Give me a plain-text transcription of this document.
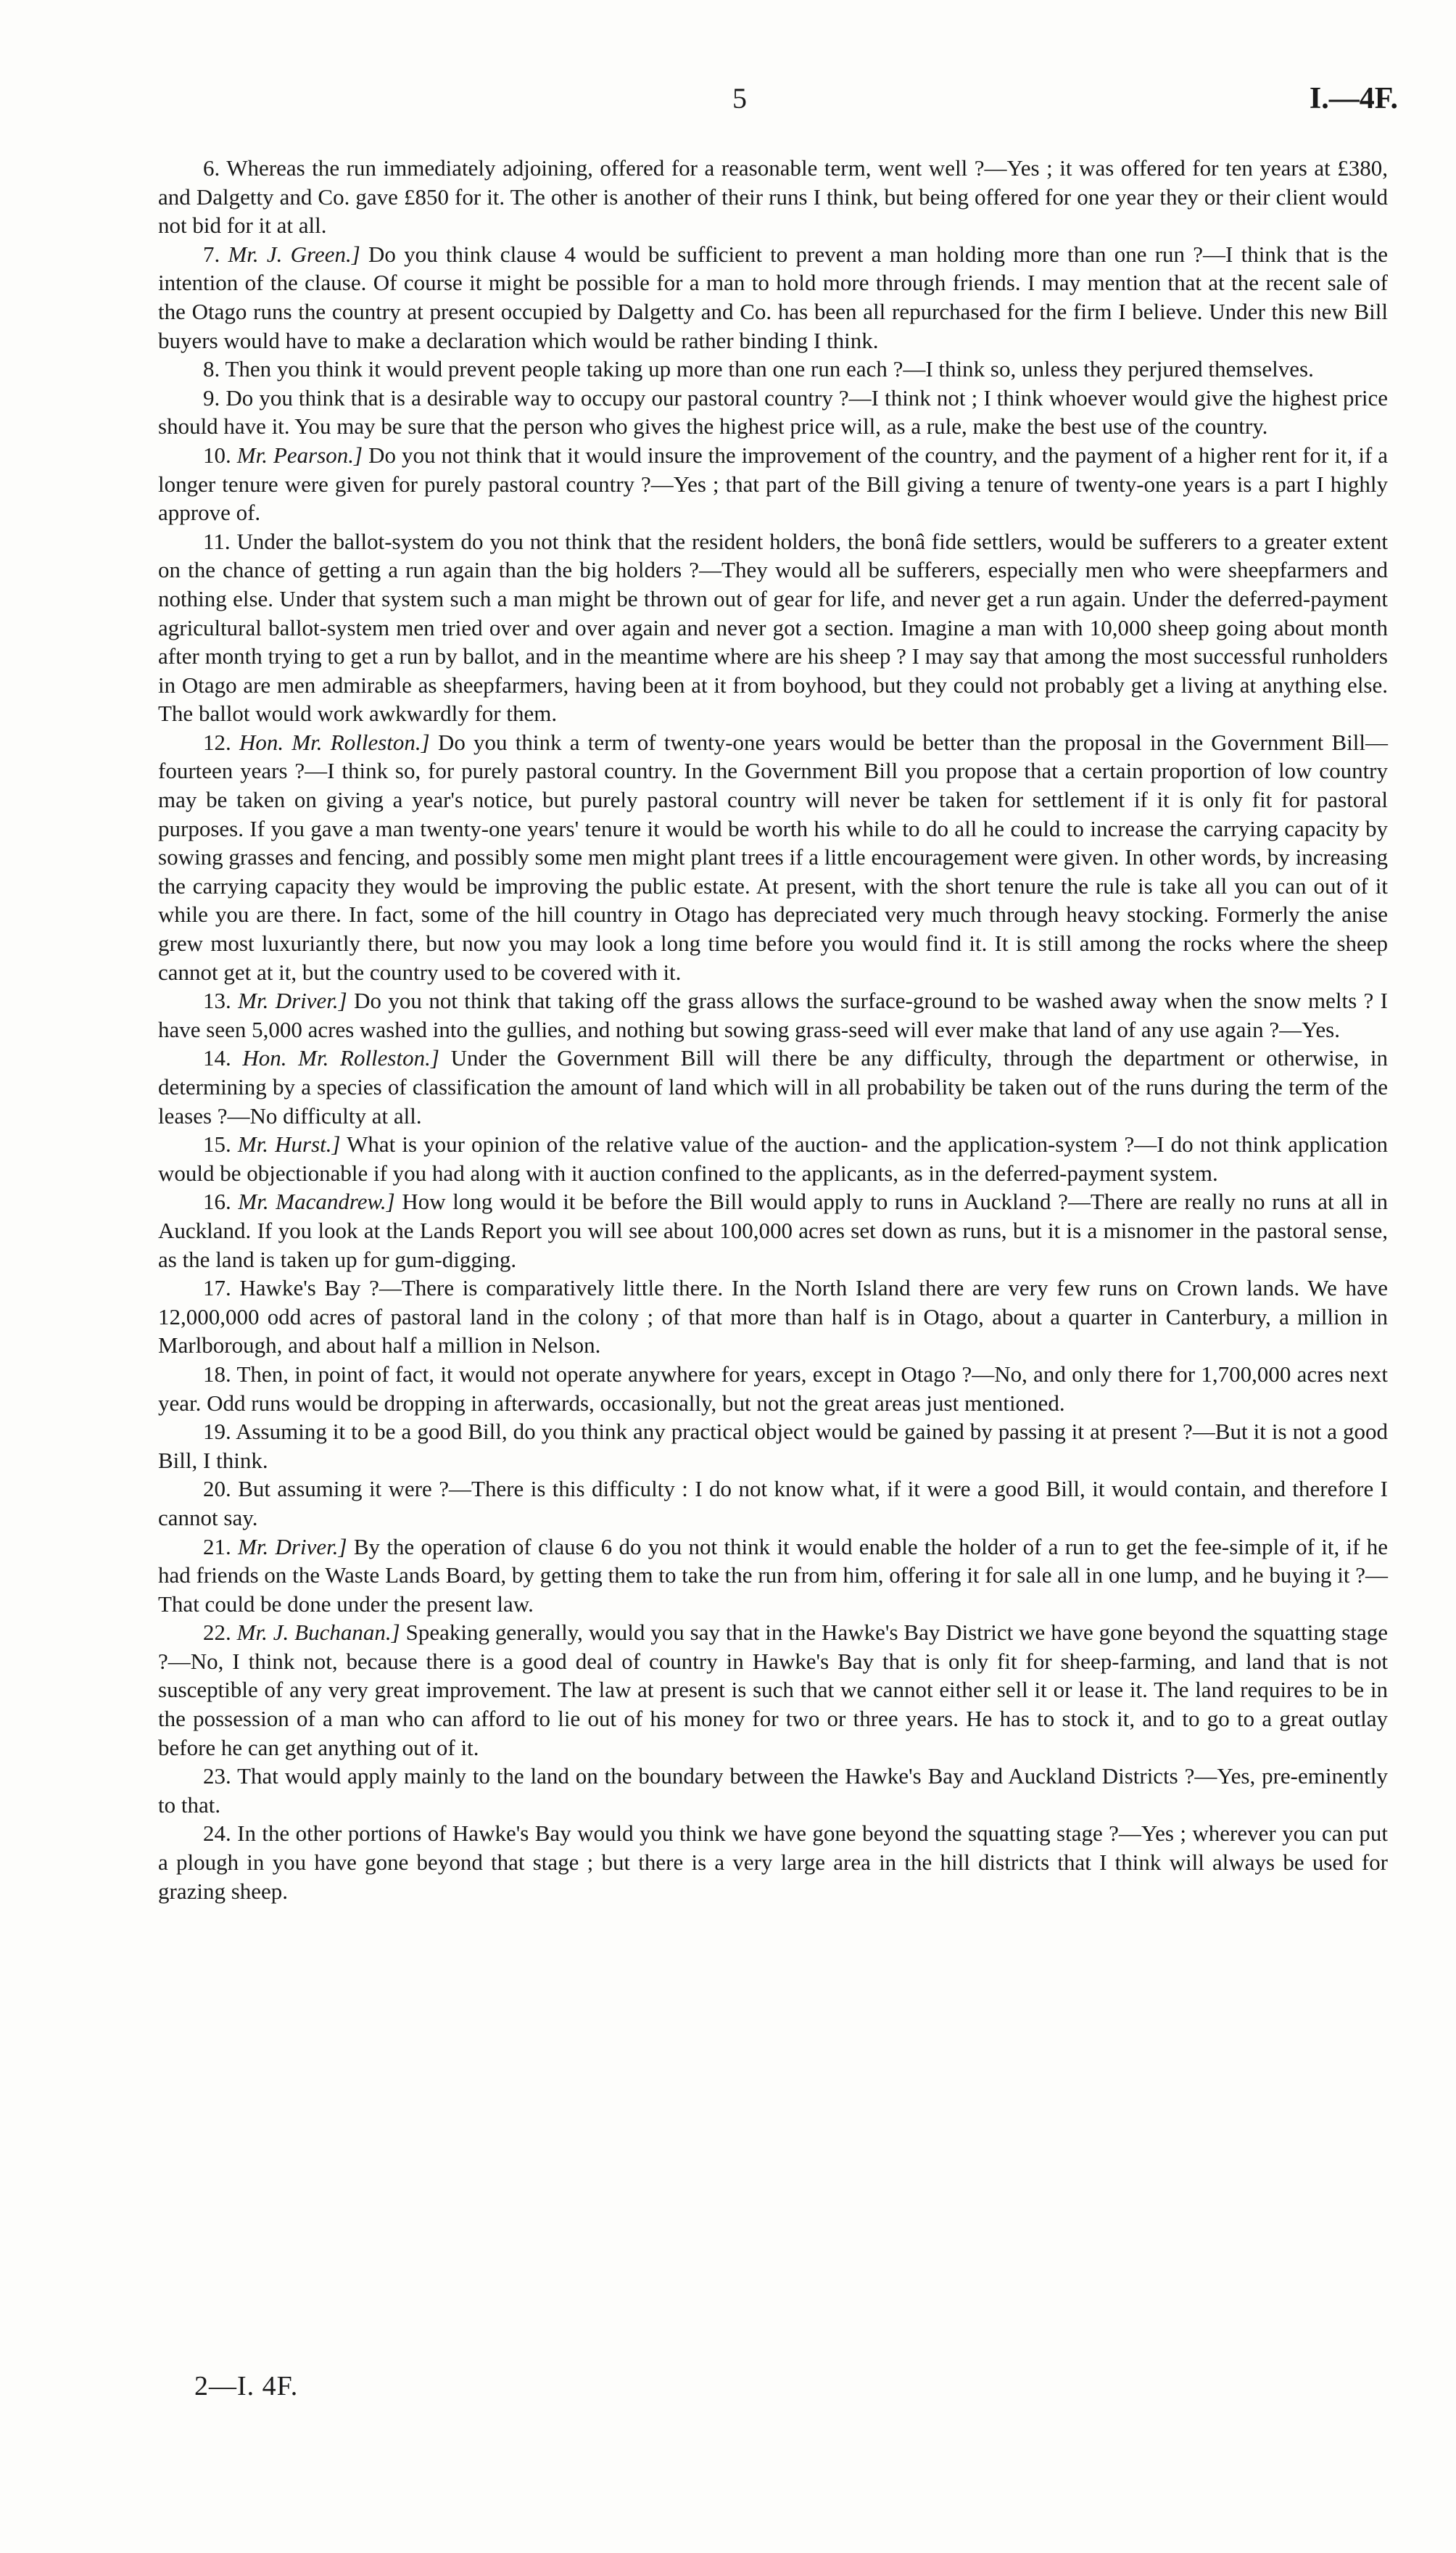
5	I.—4F.

6. Whereas the run immediately adjoining, offered for a reasonable term, went well ?—Yes ; it was offered for ten years at £380, and Dalgetty and Co. gave £850 for it. The other is another of their runs I think, but being offered for one year they or their client would not bid for it at all.

7. Mr. J. Green.] Do you think clause 4 would be sufficient to prevent a man holding more than one run ?—I think that is the intention of the clause. Of course it might be possible for a man to hold more through friends. I may mention that at the recent sale of the Otago runs the country at present occupied by Dalgetty and Co. has been all repurchased for the firm I believe. Under this new Bill buyers would have to make a declaration which would be rather binding I think.

8. Then you think it would prevent people taking up more than one run each ?—I think so, unless they perjured themselves.

9. Do you think that is a desirable way to occupy our pastoral country ?—I think not ; I think whoever would give the highest price should have it. You may be sure that the person who gives the highest price will, as a rule, make the best use of the country.

10. Mr. Pearson.] Do you not think that it would insure the improvement of the country, and the payment of a higher rent for it, if a longer tenure were given for purely pastoral country ?—Yes ; that part of the Bill giving a tenure of twenty-one years is a part I highly approve of.

11. Under the ballot-system do you not think that the resident holders, the bonâ fide settlers, would be sufferers to a greater extent on the chance of getting a run again than the big holders ?—They would all be sufferers, especially men who were sheepfarmers and nothing else. Under that system such a man might be thrown out of gear for life, and never get a run again. Under the deferred-payment agricultural ballot-system men tried over and over again and never got a section. Imagine a man with 10,000 sheep going about month after month trying to get a run by ballot, and in the meantime where are his sheep ? I may say that among the most successful runholders in Otago are men admirable as sheepfarmers, having been at it from boyhood, but they could not probably get a living at anything else. The ballot would work awkwardly for them.

12. Hon. Mr. Rolleston.] Do you think a term of twenty-one years would be better than the proposal in the Government Bill—fourteen years ?—I think so, for purely pastoral country. In the Government Bill you propose that a certain proportion of low country may be taken on giving a year's notice, but purely pastoral country will never be taken for settlement if it is only fit for pastoral purposes. If you gave a man twenty-one years' tenure it would be worth his while to do all he could to increase the carrying capacity by sowing grasses and fencing, and possibly some men might plant trees if a little encouragement were given. In other words, by increasing the carrying capacity they would be improving the public estate. At present, with the short tenure the rule is take all you can out of it while you are there. In fact, some of the hill country in Otago has depreciated very much through heavy stocking. Formerly the anise grew most luxuriantly there, but now you may look a long time before you would find it. It is still among the rocks where the sheep cannot get at it, but the country used to be covered with it.

13. Mr. Driver.] Do you not think that taking off the grass allows the surface-ground to be washed away when the snow melts ? I have seen 5,000 acres washed into the gullies, and nothing but sowing grass-seed will ever make that land of any use again ?—Yes.

14. Hon. Mr. Rolleston.] Under the Government Bill will there be any difficulty, through the department or otherwise, in determining by a species of classification the amount of land which will in all probability be taken out of the runs during the term of the leases ?—No difficulty at all.

15. Mr. Hurst.] What is your opinion of the relative value of the auction- and the application-system ?—I do not think application would be objectionable if you had along with it auction confined to the applicants, as in the deferred-payment system.

16. Mr. Macandrew.] How long would it be before the Bill would apply to runs in Auckland ?—There are really no runs at all in Auckland. If you look at the Lands Report you will see about 100,000 acres set down as runs, but it is a misnomer in the pastoral sense, as the land is taken up for gum-digging.

17. Hawke's Bay ?—There is comparatively little there. In the North Island there are very few runs on Crown lands. We have 12,000,000 odd acres of pastoral land in the colony ; of that more than half is in Otago, about a quarter in Canterbury, a million in Marlborough, and about half a million in Nelson.

18. Then, in point of fact, it would not operate anywhere for years, except in Otago ?—No, and only there for 1,700,000 acres next year. Odd runs would be dropping in afterwards, occasionally, but not the great areas just mentioned.

19. Assuming it to be a good Bill, do you think any practical object would be gained by passing it at present ?—But it is not a good Bill, I think.

20. But assuming it were ?—There is this difficulty : I do not know what, if it were a good Bill, it would contain, and therefore I cannot say.

21. Mr. Driver.] By the operation of clause 6 do you not think it would enable the holder of a run to get the fee-simple of it, if he had friends on the Waste Lands Board, by getting them to take the run from him, offering it for sale all in one lump, and he buying it ?—That could be done under the present law.

22. Mr. J. Buchanan.] Speaking generally, would you say that in the Hawke's Bay District we have gone beyond the squatting stage ?—No, I think not, because there is a good deal of country in Hawke's Bay that is only fit for sheep-farming, and land that is not susceptible of any very great improvement. The law at present is such that we cannot either sell it or lease it. The land requires to be in the possession of a man who can afford to lie out of his money for two or three years. He has to stock it, and to go to a great outlay before he can get anything out of it.

23. That would apply mainly to the land on the boundary between the Hawke's Bay and Auckland Districts ?—Yes, pre-eminently to that.

24. In the other portions of Hawke's Bay would you think we have gone beyond the squatting stage ?—Yes ; wherever you can put a plough in you have gone beyond that stage ; but there is a very large area in the hill districts that I think will always be used for grazing sheep.

2—I. 4F.
